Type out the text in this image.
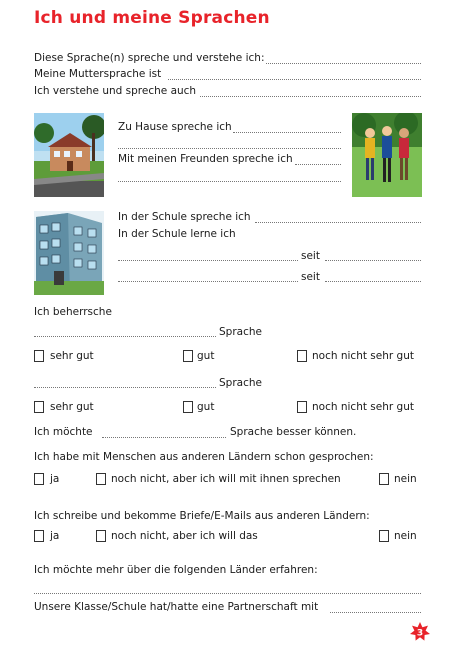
Ich und meine Sprachen
Diese Sprache(n) spreche und verstehe ich:
Meine Muttersprache ist
Ich verstehe und spreche auch
Zu Hause spreche ich
Mit meinen Freunden spreche ich
In der Schule spreche ich
In der Schule lerne ich
seit
seit
Ich beherrsche
Sprache
sehr gut	gut	noch nicht sehr gut
Sprache
sehr gut	gut	noch nicht sehr gut
Ich möchte	Sprache besser können.
Ich habe mit Menschen aus anderen Ländern schon gesprochen:
ja	noch nicht, aber ich will mit ihnen sprechen	nein
Ich schreibe und bekomme Briefe/E-Mails aus anderen Ländern:
ja	noch nicht, aber ich will das	nein
Ich möchte mehr über die folgenden Länder erfahren:
Unsere Klasse/Schule hat/hatte eine Partnerschaft mit
3
